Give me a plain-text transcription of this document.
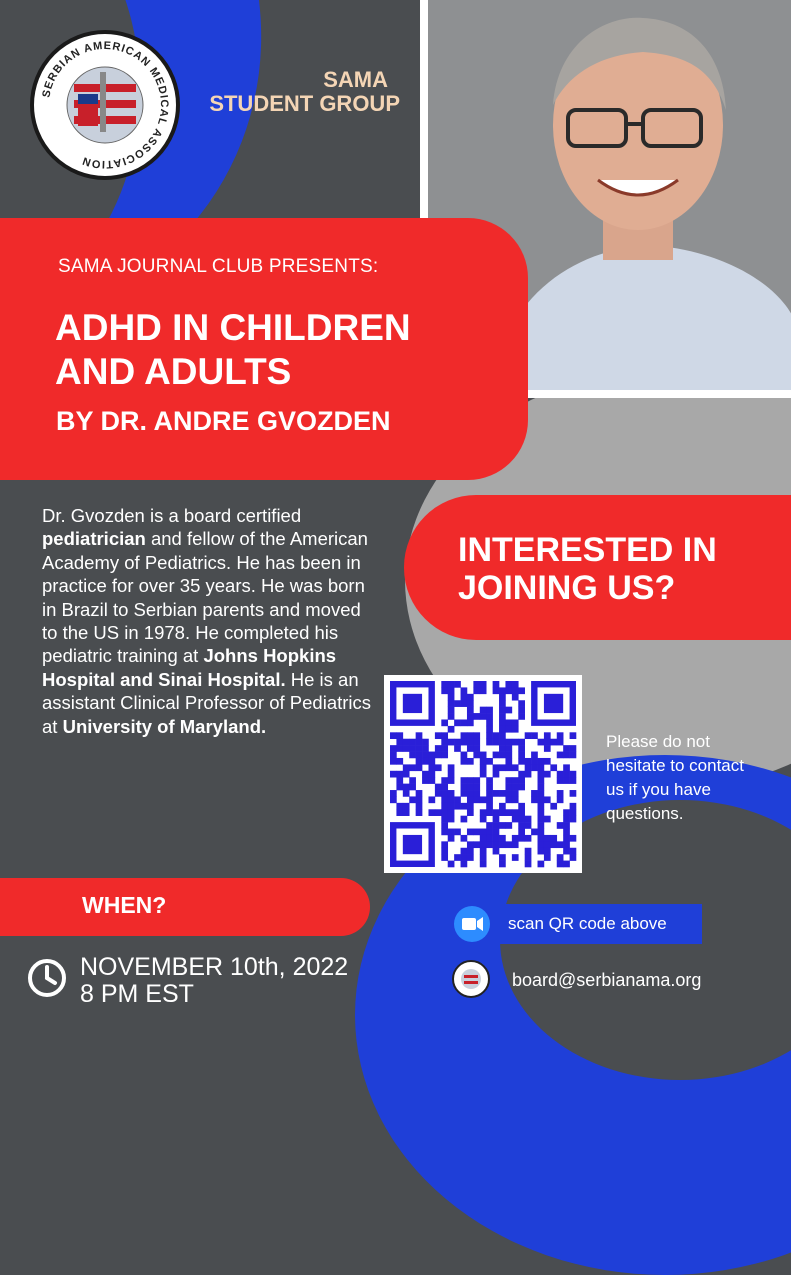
SERBIAN AMERICAN MEDICAL ASSOCIATION
SAMA
STUDENT GROUP
SAMA JOURNAL CLUB PRESENTS:
ADHD IN CHILDREN
AND ADULTS
BY DR. ANDRE GVOZDEN
Dr. Gvozden is a board certified pediatrician and fellow of the American Academy of Pediatrics. He has been in practice for over 35 years. He was born in Brazil to Serbian parents and moved to the US in 1978. He completed his pediatric training at Johns Hopkins Hospital and Sinai Hospital. He is an assistant Clinical Professor of Pediatrics at University of Maryland.
INTERESTED IN
JOINING US?
Please do not hesitate to contact us if you have questions.
WHEN?
NOVEMBER 10th, 2022
8 PM EST
scan QR code above
board@serbianama.org
